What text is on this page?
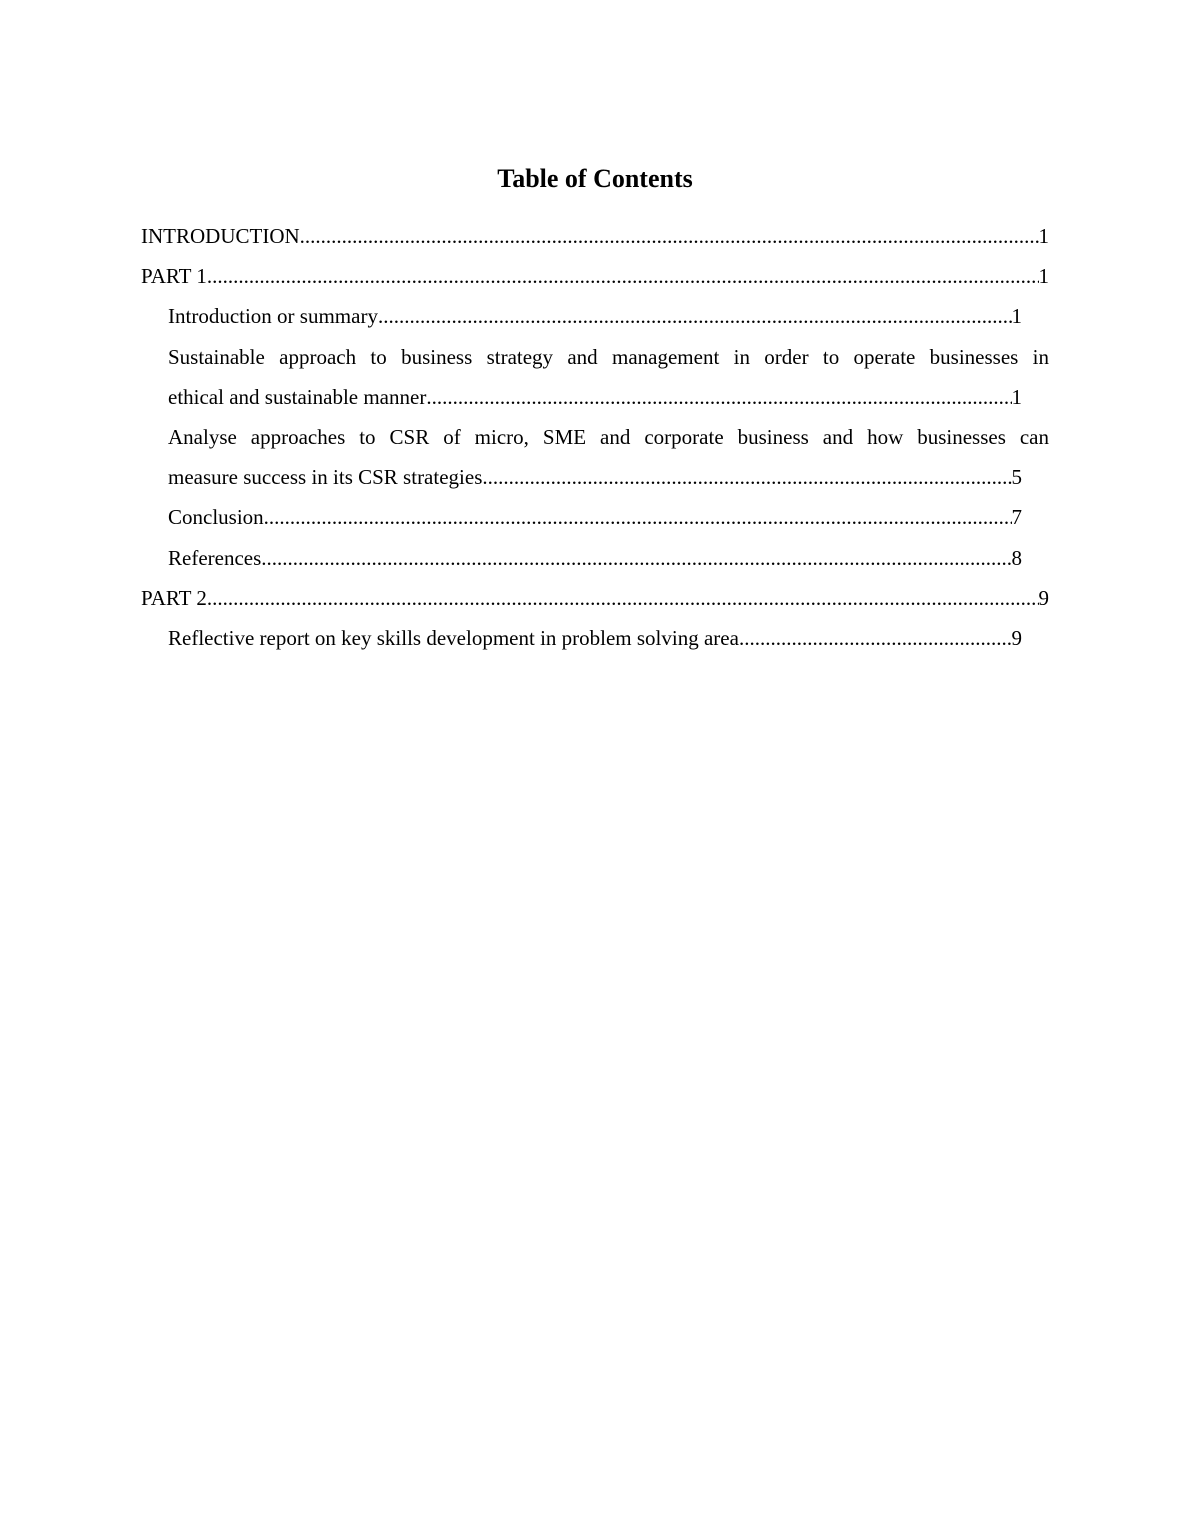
Table of Contents
INTRODUCTION .....	1
PART 1 .....	1
Introduction or summary .....	1
Sustainable approach to business strategy and management in order to operate businesses in
ethical and sustainable manner .....	1
Analyse approaches to CSR of micro, SME and corporate business and how businesses can
measure success in its CSR strategies .....	5
Conclusion .....	7
References .....	8
PART 2 .....	9
Reflective report on key skills development in problem solving area .....	9
